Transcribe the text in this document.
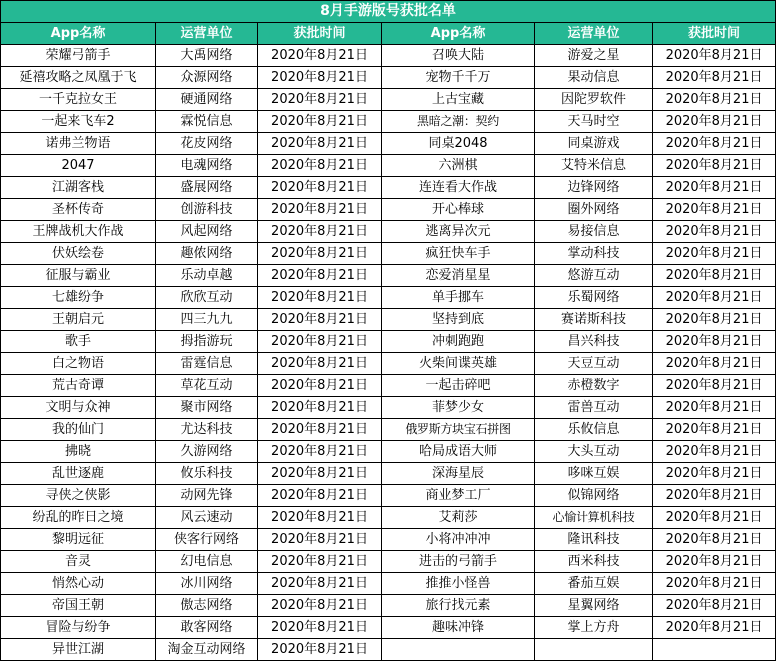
8月手游版号获批名单					
App名称	运营单位	获批时间	App名称	运营单位	获批时间
荣耀弓箭手	大禹网络	2020年8月21日	召唤大陆	游爱之星	2020年8月21日
延禧攻略之凤凰于飞	众源网络	2020年8月21日	宠物千千万	果动信息	2020年8月21日
一千克拉女王	硬通网络	2020年8月21日	上古宝藏	因陀罗软件	2020年8月21日
一起来飞车2	霖悦信息	2020年8月21日	黑暗之潮：契约	天马时空	2020年8月21日
诺弗兰物语	花皮网络	2020年8月21日	同桌2048	同桌游戏	2020年8月21日
2047	电魂网络	2020年8月21日	六洲棋	艾特米信息	2020年8月21日
江湖客栈	盛展网络	2020年8月21日	连连看大作战	边锋网络	2020年8月21日
圣杯传奇	创游科技	2020年8月21日	开心棒球	圈外网络	2020年8月21日
王牌战机大作战	风起网络	2020年8月21日	逃离异次元	易接信息	2020年8月21日
伏妖绘卷	趣侬网络	2020年8月21日	疯狂快车手	掌动科技	2020年8月21日
征服与霸业	乐动卓越	2020年8月21日	恋爱消星星	悠游互动	2020年8月21日
七雄纷争	欣欣互动	2020年8月21日	单手挪车	乐蜀网络	2020年8月21日
王朝启元	四三九九	2020年8月21日	坚持到底	赛诺斯科技	2020年8月21日
歌手	拇指游玩	2020年8月21日	冲刺跑跑	昌兴科技	2020年8月21日
白之物语	雷霆信息	2020年8月21日	火柴间谍英雄	天豆互动	2020年8月21日
荒古奇谭	草花互动	2020年8月21日	一起击碎吧	赤橙数字	2020年8月21日
文明与众神	聚市网络	2020年8月21日	菲梦少女	雷兽互动	2020年8月21日
我的仙门	尤达科技	2020年8月21日	俄罗斯方块宝石拼图	乐攸信息	2020年8月21日
拂晓	久游网络	2020年8月21日	哈局成语大师	大头互动	2020年8月21日
乱世逐鹿	攸乐科技	2020年8月21日	深海星辰	哆咪互娱	2020年8月21日
寻侠之侠影	动网先锋	2020年8月21日	商业梦工厂	似锦网络	2020年8月21日
纷乱的昨日之境	风云速动	2020年8月21日	艾莉莎	心愉计算机科技	2020年8月21日
黎明远征	侠客行网络	2020年8月21日	小将冲冲冲	隆讯科技	2020年8月21日
音灵	幻电信息	2020年8月21日	进击的弓箭手	西米科技	2020年8月21日
悄然心动	冰川网络	2020年8月21日	推推小怪兽	番茄互娱	2020年8月21日
帝国王朝	傲志网络	2020年8月21日	旅行找元素	星翼网络	2020年8月21日
冒险与纷争	敢客网络	2020年8月21日	趣味冲锋	掌上方舟	2020年8月21日
异世江湖	淘金互动网络	2020年8月21日			
